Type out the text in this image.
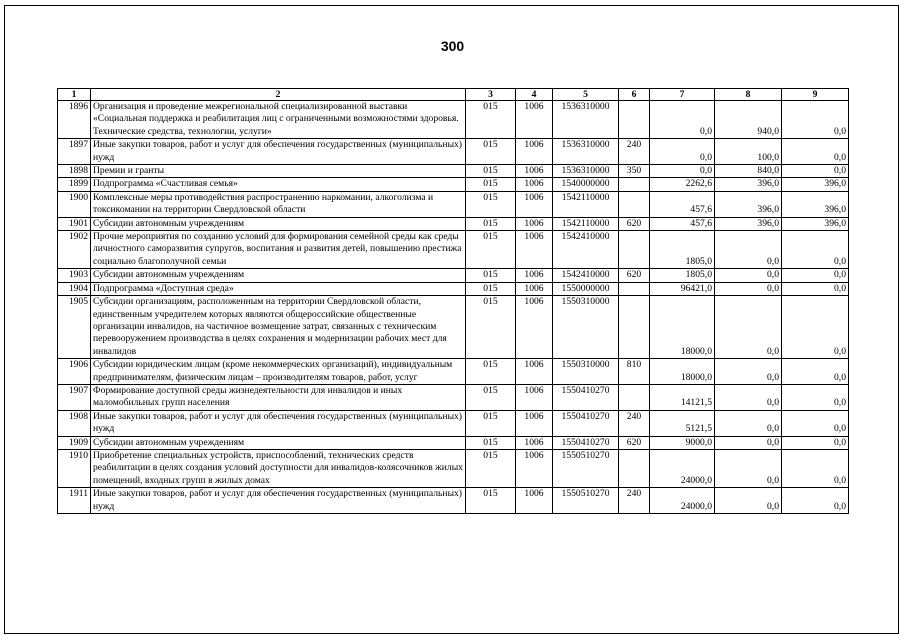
300
1	2	3	4	5	6	7	8	9
1896	Организация и проведение межрегиональной специализированной выставки «Социальная поддержка и реабилитация лиц с ограниченными возможностями здоровья. Технические средства, технологии, услуги»	015	1006	1536310000		0,0	940,0	0,0
1897	Иные закупки товаров, работ и услуг для обеспечения государственных (муниципальных) нужд	015	1006	1536310000	240	0,0	100,0	0,0
1898	Премии и гранты	015	1006	1536310000	350	0,0	840,0	0,0
1899	Подпрограмма «Счастливая семья»	015	1006	1540000000		2262,6	396,0	396,0
1900	Комплексные меры противодействия распространению наркомании, алкоголизма и токсикомании на территории Свердловской области	015	1006	1542110000		457,6	396,0	396,0
1901	Субсидии автономным учреждениям	015	1006	1542110000	620	457,6	396,0	396,0
1902	Прочие мероприятия по созданию условий для формирования семейной среды как среды личностного саморазвития супругов, воспитания и развития детей, повышению престижа социально благополучной семьи	015	1006	1542410000		1805,0	0,0	0,0
1903	Субсидии автономным учреждениям	015	1006	1542410000	620	1805,0	0,0	0,0
1904	Подпрограмма «Доступная среда»	015	1006	1550000000		96421,0	0,0	0,0
1905	Субсидии организациям, расположенным на территории Свердловской области, единственным учредителем которых являются общероссийские общественные организации инвалидов, на частичное возмещение затрат, связанных с техническим перевооружением производства в целях сохранения и модернизации рабочих мест для инвалидов	015	1006	1550310000		18000,0	0,0	0,0
1906	Субсидии юридическим лицам (кроме некоммерческих организаций), индивидуальным предпринимателям, физическим лицам – производителям товаров, работ, услуг	015	1006	1550310000	810	18000,0	0,0	0,0
1907	Формирование доступной среды жизнедеятельности для инвалидов и иных маломобильных групп населения	015	1006	1550410270		14121,5	0,0	0,0
1908	Иные закупки товаров, работ и услуг для обеспечения государственных (муниципальных) нужд	015	1006	1550410270	240	5121,5	0,0	0,0
1909	Субсидии автономным учреждениям	015	1006	1550410270	620	9000,0	0,0	0,0
1910	Приобретение специальных устройств, приспособлений, технических средств реабилитации в целях создания условий доступности для инвалидов-колясочников жилых помещений, входных групп в жилых домах	015	1006	1550510270		24000,0	0,0	0,0
1911	Иные закупки товаров, работ и услуг для обеспечения государственных (муниципальных) нужд	015	1006	1550510270	240	24000,0	0,0	0,0
